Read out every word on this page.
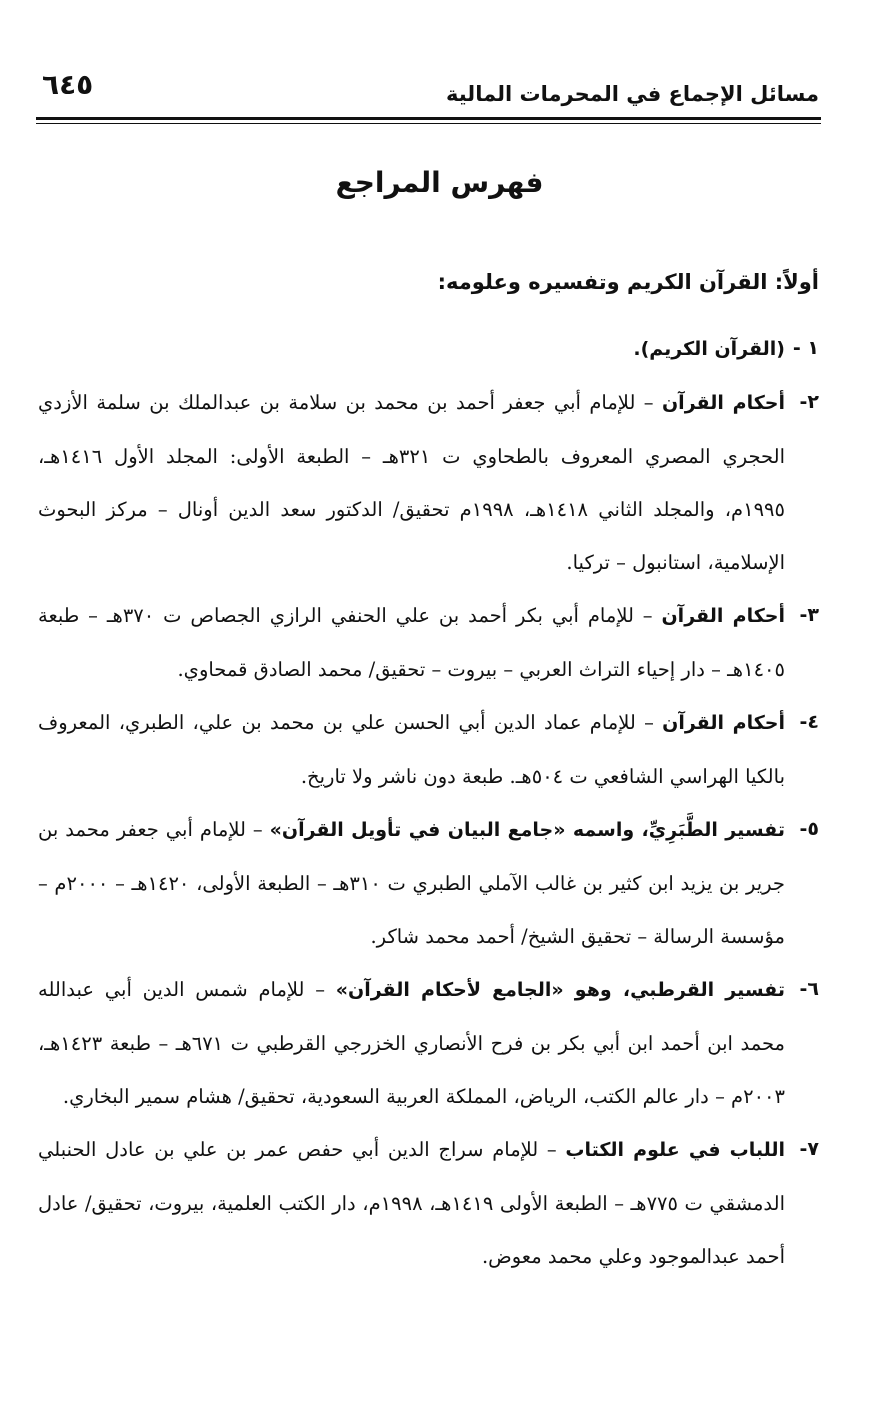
مسائل الإجماع في المحرمات المالية
٦٤٥
فهرس المراجع
أولاً: القرآن الكريم وتفسيره وعلومه:
١ -
(القرآن الكريم).
٢-
أحكام القرآن – للإمام أبي جعفر أحمد بن محمد بن سلامة بن عبدالملك بن سلمة الأزدي الحجري المصري المعروف بالطحاوي ت ٣٢١هـ – الطبعة الأولى: المجلد الأول ١٤١٦هـ، ١٩٩٥م، والمجلد الثاني ١٤١٨هـ، ١٩٩٨م تحقيق/ الدكتور سعد الدين أونال – مركز البحوث الإسلامية، استانبول – تركيا.
٣-
أحكام القرآن – للإمام أبي بكر أحمد بن علي الحنفي الرازي الجصاص ت ٣٧٠هـ – طبعة ١٤٠٥هـ – دار إحياء التراث العربي – بيروت – تحقيق/ محمد الصادق قمحاوي.
٤-
أحكام القرآن – للإمام عماد الدين أبي الحسن علي بن محمد بن علي، الطبري، المعروف بالكيا الهراسي الشافعي ت ٥٠٤هـ. طبعة دون ناشر ولا تاريخ.
٥-
تفسير الطَّبَرِيِّ، واسمه «جامع البيان في تأويل القرآن» – للإمام أبي جعفر محمد بن جرير بن يزيد ابن كثير بن غالب الآملي الطبري ت ٣١٠هـ – الطبعة الأولى، ١٤٢٠هـ – ٢٠٠٠م – مؤسسة الرسالة – تحقيق الشيخ/ أحمد محمد شاكر.
٦-
تفسير القرطبي، وهو «الجامع لأحكام القرآن» – للإمام شمس الدين أبي عبدالله محمد ابن أحمد ابن أبي بكر بن فرح الأنصاري الخزرجي القرطبي ت ٦٧١هـ – طبعة ١٤٢٣هـ، ٢٠٠٣م – دار عالم الكتب، الرياض، المملكة العربية السعودية، تحقيق/ هشام سمير البخاري.
٧-
اللباب في علوم الكتاب – للإمام سراج الدين أبي حفص عمر بن علي بن عادل الحنبلي الدمشقي ت ٧٧٥هـ – الطبعة الأولى ١٤١٩هـ، ١٩٩٨م، دار الكتب العلمية، بيروت، تحقيق/ عادل أحمد عبدالموجود وعلي محمد معوض.
